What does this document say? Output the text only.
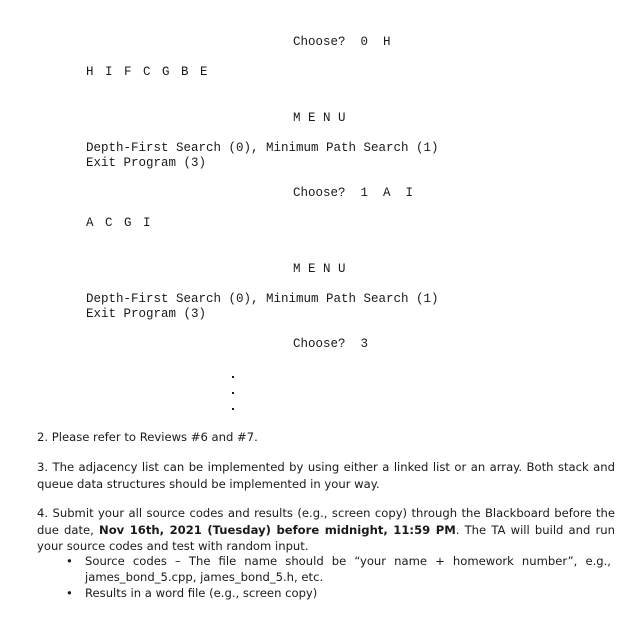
Choose?  0  H
H I F C G B E
M E N U
Depth-First Search (0), Minimum Path Search (1)
Exit Program (3)
Choose?  1  A  I
A C G I
M E N U
Depth-First Search (0), Minimum Path Search (1)
Exit Program (3)
Choose?  3
2. Please refer to Reviews #6 and #7.
3. The adjacency list can be implemented by using either a linked list or an array. Both stack and queue data structures should be implemented in your way.
4. Submit your all source codes and results (e.g., screen copy) through the Blackboard before the due date, Nov 16th, 2021 (Tuesday) before midnight, 11:59 PM. The TA will build and run your source codes and test with random input.
• Source codes – The file name should be “your name + homework number”, e.g., james_bond_5.cpp, james_bond_5.h, etc.
• Results in a word file (e.g., screen copy)
